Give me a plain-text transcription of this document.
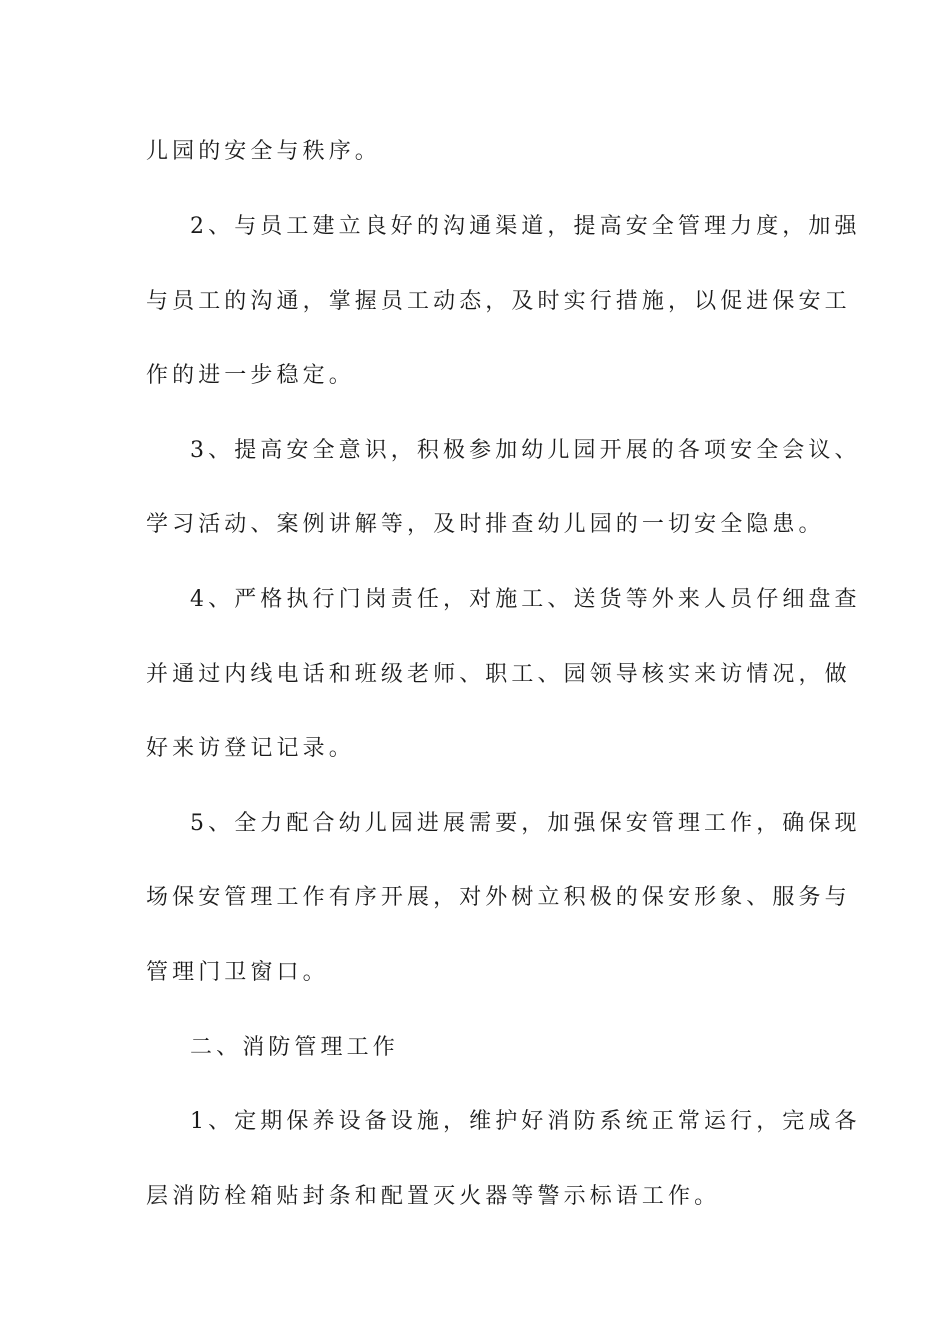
儿园的安全与秩序。
2、与员工建立良好的沟通渠道，提高安全管理力度，加强
与员工的沟通，掌握员工动态，及时实行措施，以促进保安工
作的进一步稳定。
3、提高安全意识，积极参加幼儿园开展的各项安全会议、
学习活动、案例讲解等，及时排查幼儿园的一切安全隐患。
4、严格执行门岗责任，对施工、送货等外来人员仔细盘查
并通过内线电话和班级老师、职工、园领导核实来访情况，做
好来访登记记录。
5、全力配合幼儿园进展需要，加强保安管理工作，确保现
场保安管理工作有序开展，对外树立积极的保安形象、服务与
管理门卫窗口。
二、消防管理工作
1、定期保养设备设施，维护好消防系统正常运行，完成各
层消防栓箱贴封条和配置灭火器等警示标语工作。
